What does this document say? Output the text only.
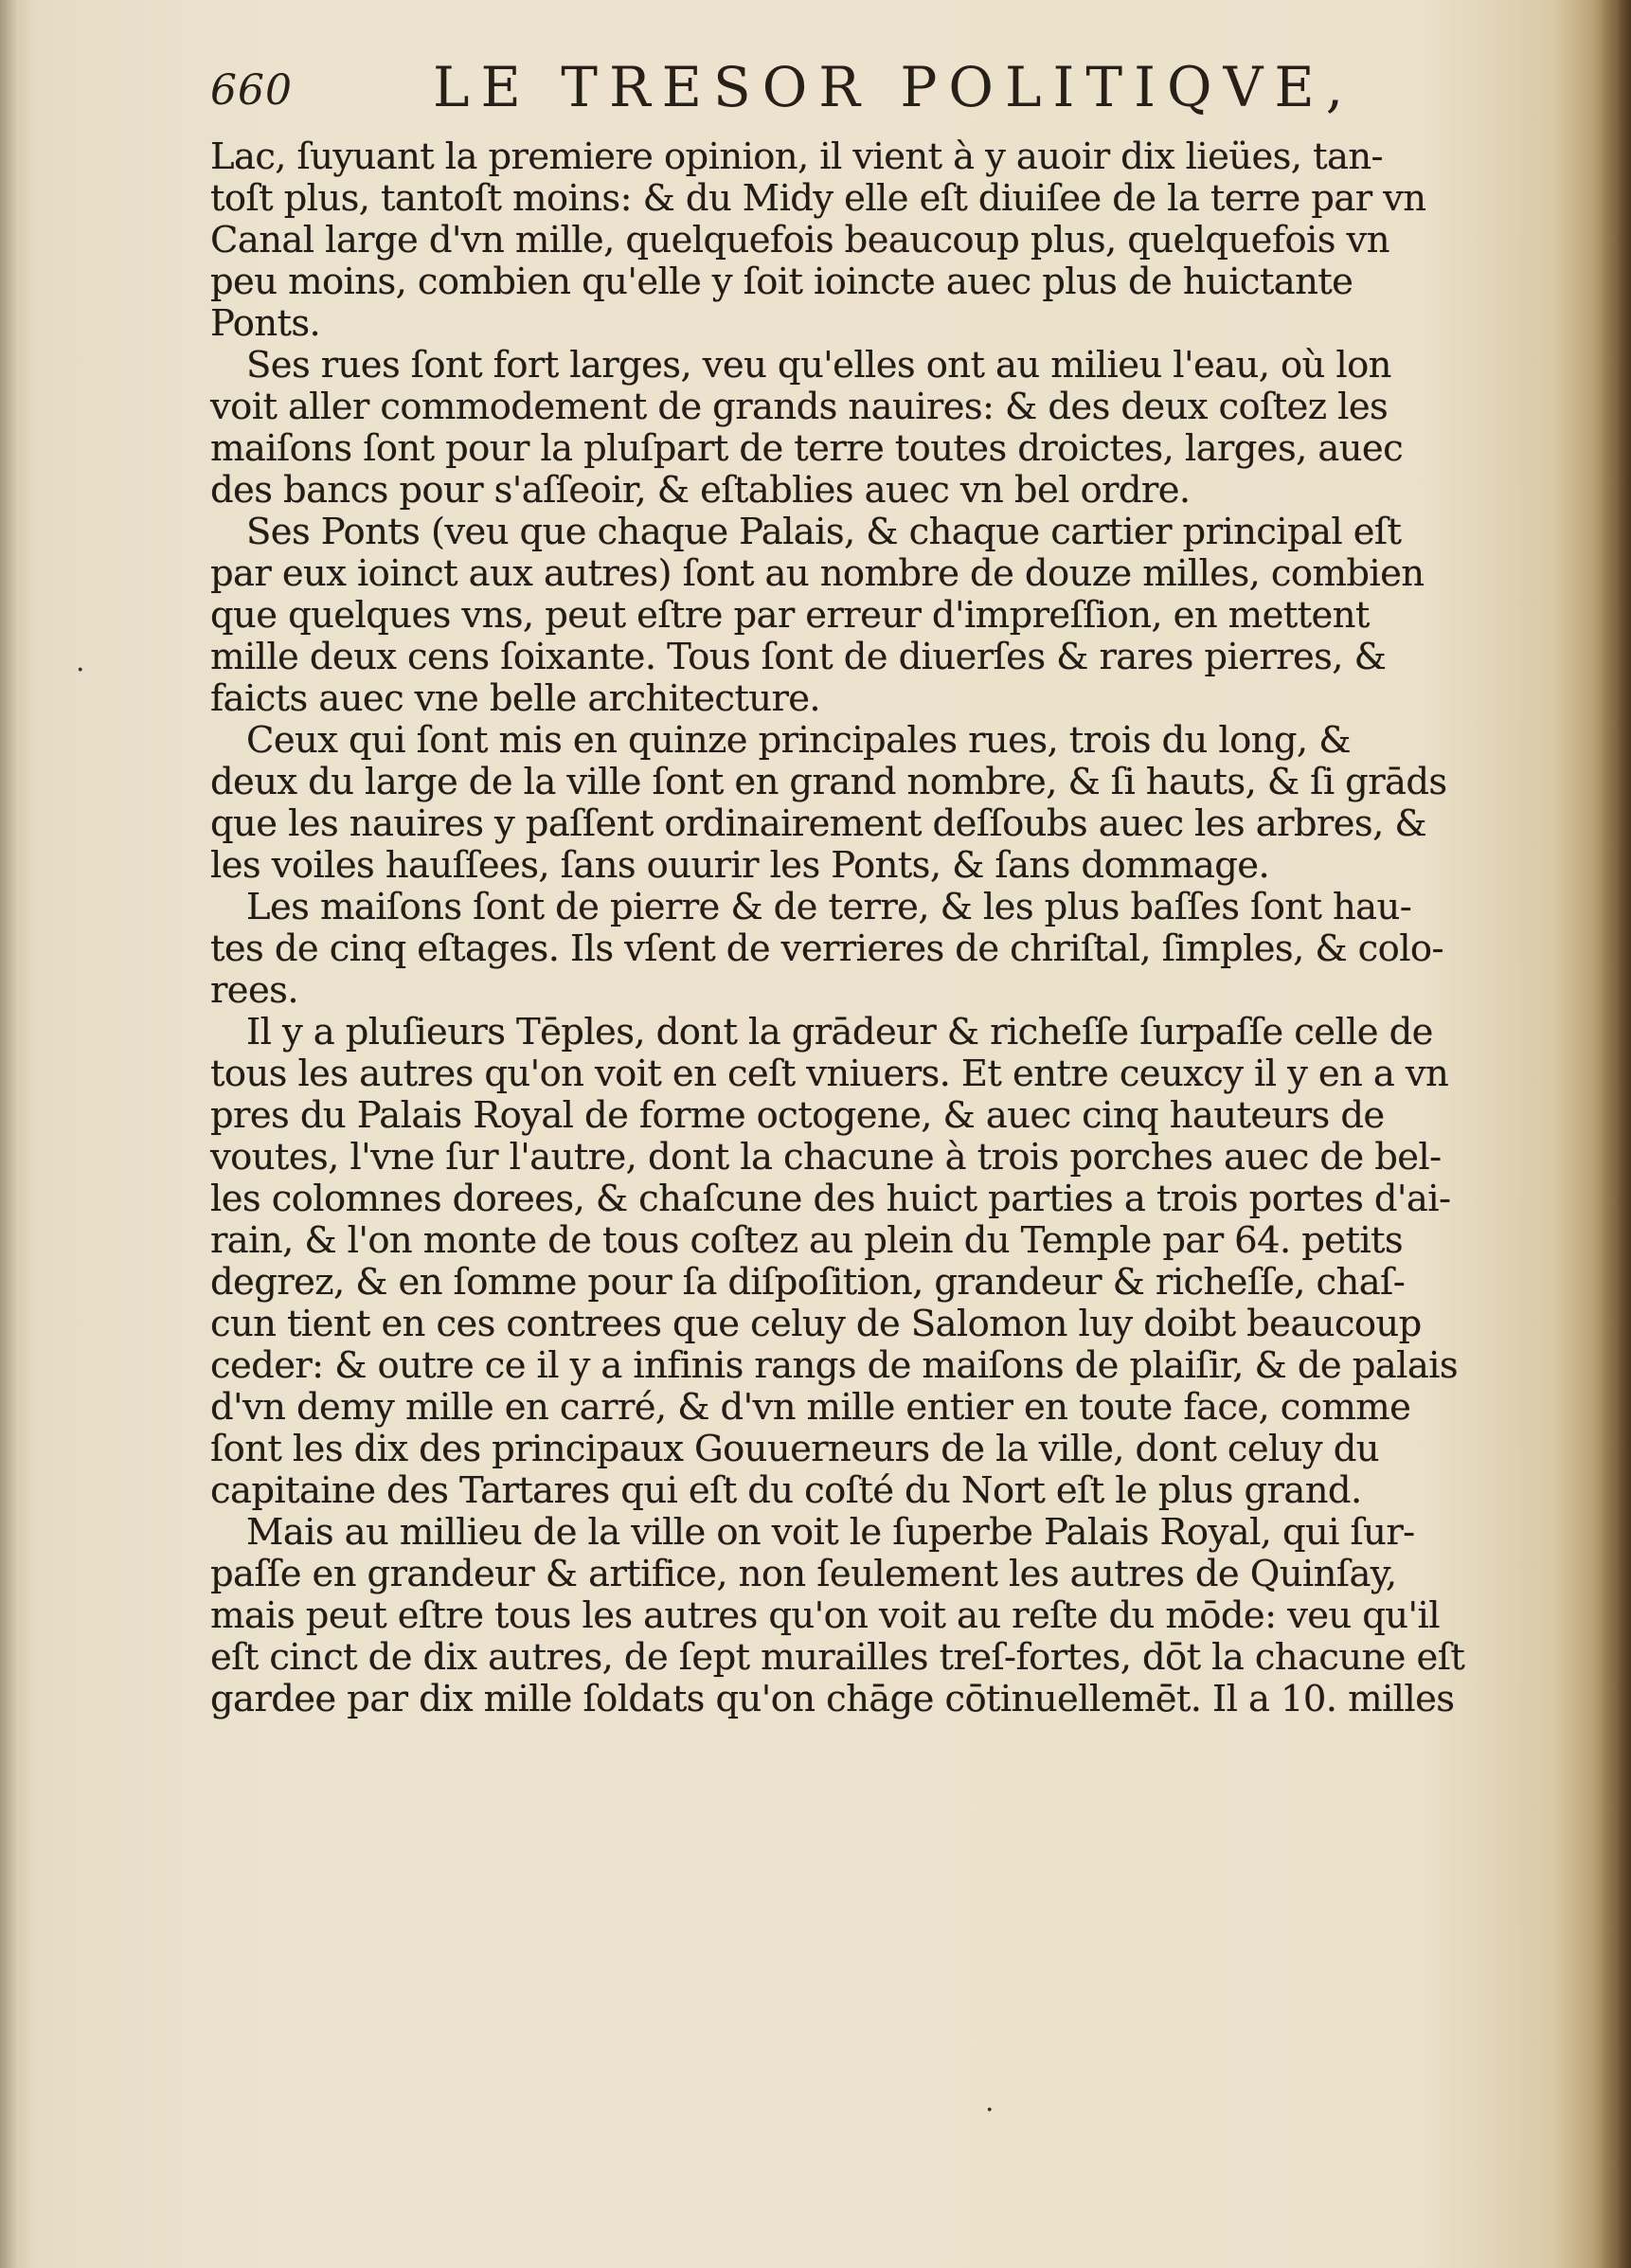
660	LE TRESOR POLITIQVE,
Lac, ſuyuant la premiere opinion, il vient à y auoir dix lieües, tan-
toſt plus, tantoſt moins: & du Midy elle eſt diuiſee de la terre par vn
Canal large d'vn mille, quelquefois beaucoup plus, quelquefois vn
peu moins, combien qu'elle y ſoit ioincte auec plus de huictante
Ponts.
Ses rues ſont fort larges, veu qu'elles ont au milieu l'eau, où lon
voit aller commodement de grands nauires: & des deux coſtez les
maiſons ſont pour la pluſpart de terre toutes droictes, larges, auec
des bancs pour s'aſſeoir, & eſtablies auec vn bel ordre.
Ses Ponts (veu que chaque Palais, & chaque cartier principal eſt
par eux ioinct aux autres) ſont au nombre de douze milles, combien
que quelques vns, peut eſtre par erreur d'impreſſion, en mettent
mille deux cens ſoixante. Tous ſont de diuerſes & rares pierres, &
faicts auec vne belle architecture.
Ceux qui ſont mis en quinze principales rues, trois du long, &
deux du large de la ville ſont en grand nombre, & ſi hauts, & ſi grāds
que les nauires y paſſent ordinairement deſſoubs auec les arbres, &
les voiles hauſſees, ſans ouurir les Ponts, & ſans dommage.
Les maiſons ſont de pierre & de terre, & les plus baſſes ſont hau-
tes de cinq eſtages. Ils vſent de verrieres de chriſtal, ſimples, & colo-
rees.
Il y a pluſieurs Tēples, dont la grādeur & richeſſe ſurpaſſe celle de
tous les autres qu'on voit en ceſt vniuers. Et entre ceuxcy il y en a vn
pres du Palais Royal de forme octogene, & auec cinq hauteurs de
voutes, l'vne ſur l'autre, dont la chacune à trois porches auec de bel-
les colomnes dorees, & chaſcune des huict parties a trois portes d'ai-
rain, & l'on monte de tous coſtez au plein du Temple par 64. petits
degrez, & en ſomme pour ſa diſpoſition, grandeur & richeſſe, chaſ-
cun tient en ces contrees que celuy de Salomon luy doibt beaucoup
ceder: & outre ce il y a infinis rangs de maiſons de plaiſir, & de palais
d'vn demy mille en carré, & d'vn mille entier en toute face, comme
ſont les dix des principaux Gouuerneurs de la ville, dont celuy du
capitaine des Tartares qui eſt du coſté du Nort eſt le plus grand.
Mais au millieu de la ville on voit le ſuperbe Palais Royal, qui ſur-
paſſe en grandeur & artifice, non ſeulement les autres de Quinſay,
mais peut eſtre tous les autres qu'on voit au reſte du mōde: veu qu'il
eſt cinct de dix autres, de ſept murailles treſ-fortes, dōt la chacune eſt
gardee par dix mille ſoldats qu'on chāge cōtinuellemēt. Il a 10. milles
·
·
